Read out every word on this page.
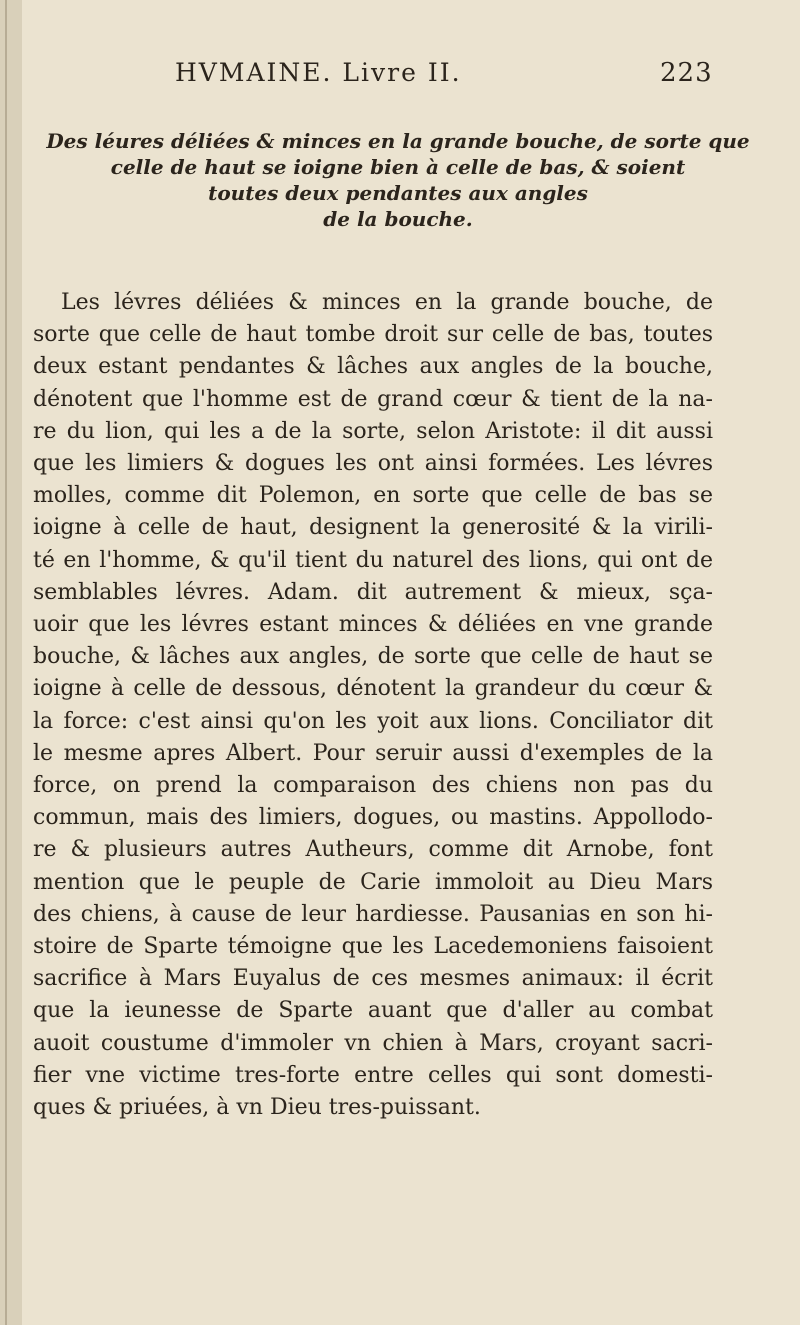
HVMAINE. Livre II.	223
Des léures déliées & minces en la grande bouche, de sorte que
celle de haut se ioigne bien à celle de bas, & soient
toutes deux pendantes aux angles
de la bouche.
Les lévres déliées & minces en la grande bouche, de
sorte que celle de haut tombe droit sur celle de bas, toutes
deux estant pendantes & lâches aux angles de la bouche,
dénotent que l'homme est de grand cœur & tient de la na-
re du lion, qui les a de la sorte, selon Aristote: il dit aussi
que les limiers & dogues les ont ainsi formées. Les lévres
molles, comme dit Polemon, en sorte que celle de bas se
ioigne à celle de haut, designent la generosité & la virili-
té en l'homme, & qu'il tient du naturel des lions, qui ont de
semblables lévres. Adam. dit autrement & mieux, sça-
uoir que les lévres estant minces & déliées en vne grande
bouche, & lâches aux angles, de sorte que celle de haut se
ioigne à celle de dessous, dénotent la grandeur du cœur &
la force: c'est ainsi qu'on les yoit aux lions. Conciliator dit
le mesme apres Albert. Pour seruir aussi d'exemples de la
force, on prend la comparaison des chiens non pas du
commun, mais des limiers, dogues, ou mastins. Appollodo-
re & plusieurs autres Autheurs, comme dit Arnobe, font
mention que le peuple de Carie immoloit au Dieu Mars
des chiens, à cause de leur hardiesse. Pausanias en son hi-
stoire de Sparte témoigne que les Lacedemoniens faisoient
sacrifice à Mars Euyalus de ces mesmes animaux: il écrit
que la ieunesse de Sparte auant que d'aller au combat
auoit coustume d'immoler vn chien à Mars, croyant sacri-
fier vne victime tres-forte entre celles qui sont domesti-
ques & priuées, à vn Dieu tres-puissant.
